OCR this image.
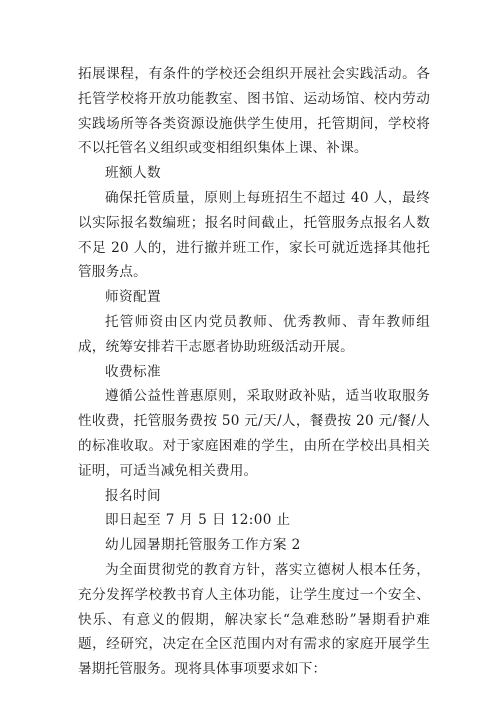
拓展课程，有条件的学校还会组织开展社会实践活动。各托管学校将开放功能教室、图书馆、运动场馆、校内劳动实践场所等各类资源设施供学生使用，托管期间，学校将不以托管名义组织或变相组织集体上课、补课。

班额人数

确保托管质量，原则上每班招生不超过 40 人，最终以实际报名数编班；报名时间截止，托管服务点报名人数不足 20 人的，进行撤并班工作，家长可就近选择其他托管服务点。

师资配置

托管师资由区内党员教师、优秀教师、青年教师组成，统筹安排若干志愿者协助班级活动开展。

收费标准

遵循公益性普惠原则，采取财政补贴，适当收取服务性收费，托管服务费按 50 元/天/人，餐费按 20 元/餐/人的标准收取。对于家庭困难的学生，由所在学校出具相关证明，可适当减免相关费用。

报名时间

即日起至 7 月 5 日 12:00 止

幼儿园暑期托管服务工作方案 2

为全面贯彻党的教育方针，落实立德树人根本任务，充分发挥学校教书育人主体功能，让学生度过一个安全、快乐、有意义的假期，解决家长“急难愁盼”暑期看护难题，经研究，决定在全区范围内对有需求的家庭开展学生暑期托管服务。现将具体事项要求如下：
